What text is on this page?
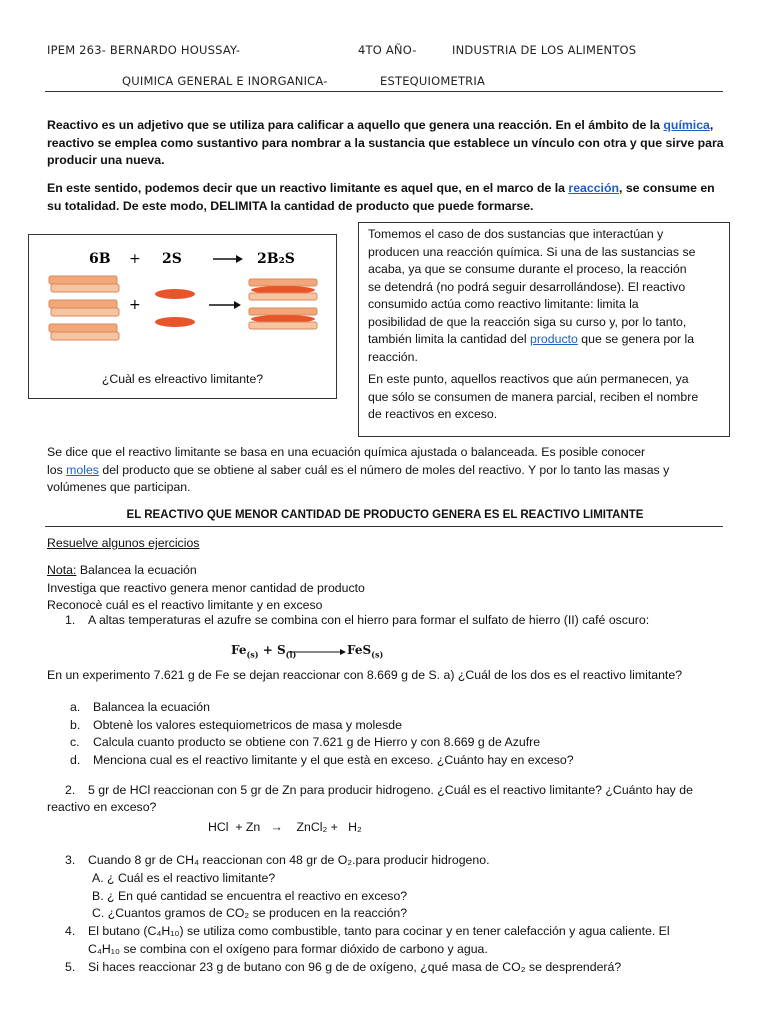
IPEM 263- BERNARDO HOUSSAY-	4TO AÑO-	INDUSTRIA DE LOS ALIMENTOS
QUIMICA GENERAL E INORGANICA-	ESTEQUIOMETRIA
Reactivo es un adjetivo que se utiliza para calificar a aquello que genera una reacción. En el ámbito de la química,
reactivo se emplea como sustantivo para nombrar a la sustancia que establece un vínculo con otra y que sirve para
producir una nueva.
En este sentido, podemos decir que un reactivo limitante es aquel que, en el marco de la reacción, se consume en
su totalidad. De este modo, DELIMITA la cantidad de producto que puede formarse.
6B + 2S	2B₂S
+
¿Cuàl es elreactivo limitante?
Tomemos el caso de dos sustancias que interactúan y
producen una reacción química. Si una de las sustancias se
acaba, ya que se consume durante el proceso, la reacción
se detendrá (no podrá seguir desarrollándose). El reactivo
consumido actúa como reactivo limitante: limita la
posibilidad de que la reacción siga su curso y, por lo tanto,
también limita la cantidad del producto que se genera por la
reacción.
En este punto, aquellos reactivos que aún permanecen, ya
que sólo se consumen de manera parcial, reciben el nombre
de reactivos en exceso.
Se dice que el reactivo limitante se basa en una ecuación química ajustada o balanceada. Es posible conocer
los moles del producto que se obtiene al saber cuál es el número de moles del reactivo. Y por lo tanto las masas y
volúmenes que participan.
EL REACTIVO QUE MENOR CANTIDAD DE PRODUCTO GENERA ES EL REACTIVO LIMITANTE
Resuelve algunos ejercicios
Nota: Balancea la ecuación
Investiga que reactivo genera menor cantidad de producto
Reconocè cuál es el reactivo limitante y en exceso
1. A altas temperaturas el azufre se combina con el hierro para formar el sulfato de hierro (II) café oscuro:
$Fe_{(s)} + S_{(l)}$	FeS$_{(s)}$
En un experimento 7.621 g de Fe se dejan reaccionar con 8.669 g de S. a) ¿Cuál de los dos es el reactivo limitante?
a. Balancea la ecuación
b. Obtenè los valores estequiometricos de masa y molesde
c. Calcula cuanto producto se obtiene con 7.621 g de Hierro y con 8.669 g de Azufre
d. Menciona cual es el reactivo limitante y el que està en exceso. ¿Cuánto hay en exceso?
2. 5 gr de HCl reaccionan con 5 gr de Zn para producir hidrogeno. ¿Cuál es el reactivo limitante? ¿Cuánto hay de
reactivo en exceso?
HCl  + Zn   →    ZnCl₂ +   H₂
3. Cuando 8 gr de CH₄ reaccionan con 48 gr de O₂.para producir hidrogeno.
A. ¿ Cuál es el reactivo limitante?
B. ¿ En qué cantidad se encuentra el reactivo en exceso?
C. ¿Cuantos gramos de CO₂ se producen en la reacción?
4. El butano (C₄H₁₀) se utiliza como combustible, tanto para cocinar y en tener calefacción y agua caliente. El
C₄H₁₀ se combina con el oxígeno para formar dióxido de carbono y agua.
5. Si haces reaccionar 23 g de butano con 96 g de de oxígeno, ¿qué masa de CO₂ se desprenderá?
